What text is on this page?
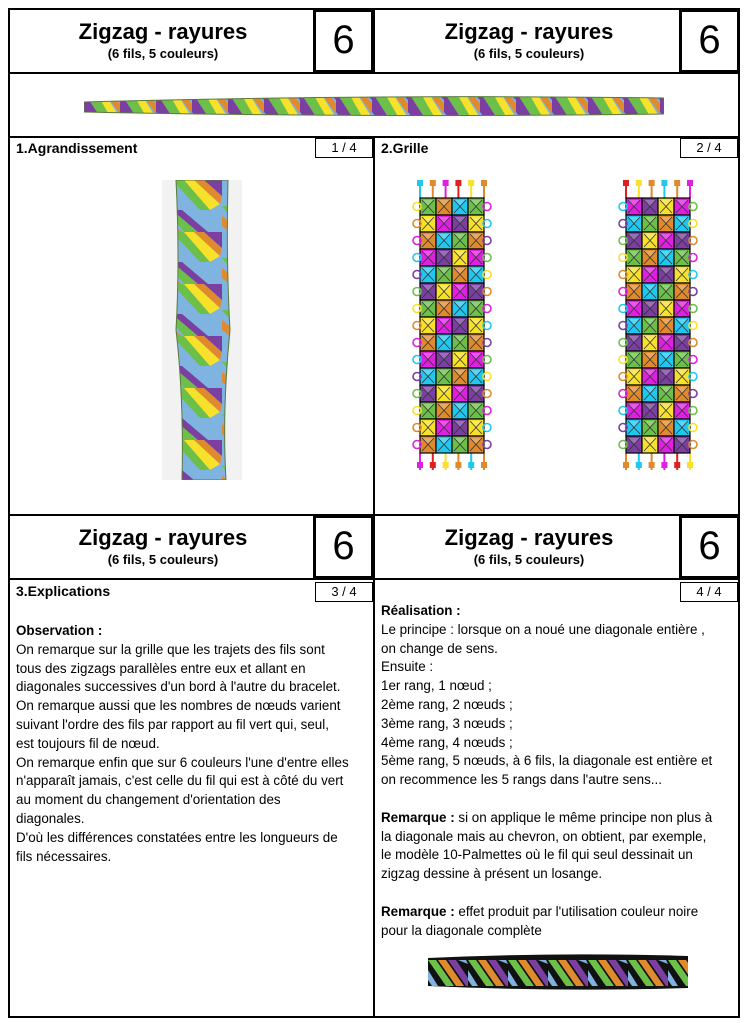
Zigzag - rayures
(6 fils, 5 couleurs)	6	Zigzag - rayures
(6 fils, 5 couleurs)	6
1.Agrandissement	1 / 4	2.Grille	2 / 4
Zigzag - rayures
(6 fils, 5 couleurs)	6	Zigzag - rayures
(6 fils, 5 couleurs)	6
3.Explications	3 / 4

Observation :

On remarque sur la grille que les trajets des fils sont

tous des zigzags parallèles entre eux et allant en

diagonales successives d'un bord à l'autre du bracelet.

On remarque aussi que les nombres de nœuds varient

suivant l'ordre des fils par rapport au fil vert qui, seul,

est toujours fil de nœud.

On remarque enfin que sur 6 couleurs l'une d'entre elles

n'apparaît jamais, c'est celle du fil qui est à côté du vert

au moment du changement d'orientation des

diagonales.

D'où les différences constatées entre les longueurs de

fils nécessaires.

4 / 4

Réalisation :

Le principe : lorsque on a noué une diagonale entière ,

on change de sens.

Ensuite :

1er rang, 1 nœud ;

2ème rang, 2 nœuds ;

3ème rang, 3 nœuds ;

4ème rang, 4 nœuds ;

5ème rang, 5 nœuds, à 6 fils, la diagonale est entière et

on recommence les 5 rangs dans l'autre sens...

Remarque : si on applique le même principe non plus à

la diagonale mais au chevron, on obtient, par exemple,

le modèle 10-Palmettes où le fil qui seul dessinait un

zigzag dessine à présent un losange.

Remarque : effet produit par l'utilisation couleur noire

pour la diagonale complète
